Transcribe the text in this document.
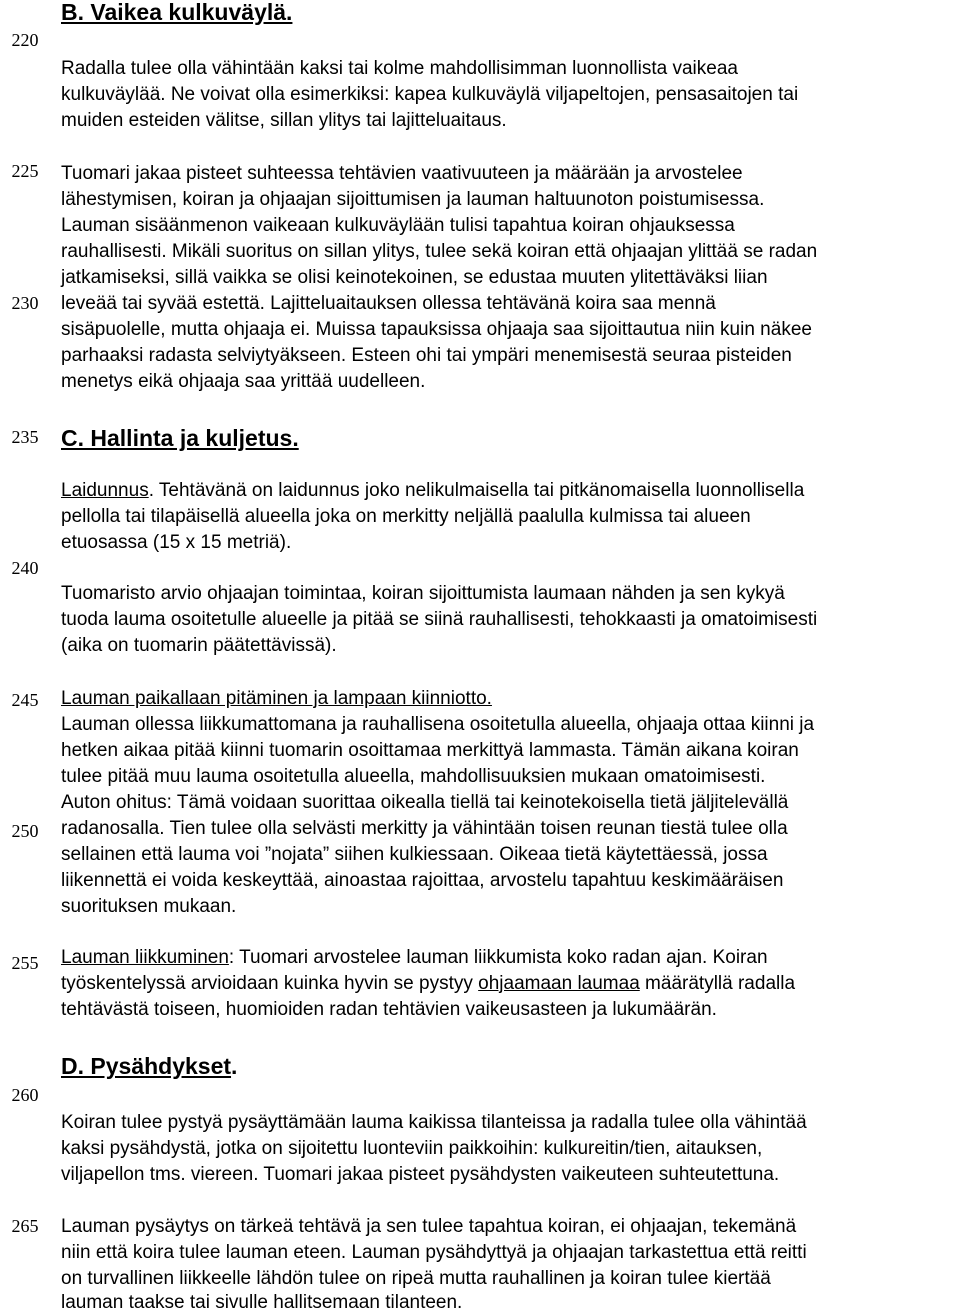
220
225
230
235
240
245
250
255
260
265
B. Vaikea kulkuväylä.
Radalla tulee olla vähintään kaksi tai kolme mahdollisimman luonnollista vaikeaa
kulkuväylää. Ne voivat olla esimerkiksi: kapea kulkuväylä viljapeltojen, pensasaitojen tai
muiden esteiden välitse, sillan ylitys tai lajitteluaitaus.
Tuomari jakaa pisteet suhteessa tehtävien vaativuuteen ja määrään ja arvostelee
lähestymisen, koiran ja ohjaajan sijoittumisen ja lauman haltuunoton poistumisessa.
Lauman sisäänmenon vaikeaan kulkuväylään tulisi tapahtua koiran ohjauksessa
rauhallisesti. Mikäli suoritus on sillan ylitys, tulee sekä koiran että ohjaajan ylittää se radan
jatkamiseksi, sillä vaikka se olisi keinotekoinen, se edustaa muuten ylitettäväksi liian
leveää tai syvää estettä. Lajitteluaitauksen ollessa tehtävänä koira saa mennä
sisäpuolelle, mutta ohjaaja ei. Muissa tapauksissa ohjaaja saa sijoittautua niin kuin näkee
parhaaksi radasta selviytyäkseen. Esteen ohi tai ympäri menemisestä seuraa pisteiden
menetys eikä ohjaaja saa yrittää uudelleen.
C. Hallinta ja kuljetus.
Laidunnus. Tehtävänä on laidunnus joko nelikulmaisella tai pitkänomaisella luonnollisella
pellolla tai tilapäisellä alueella joka on merkitty neljällä paalulla kulmissa tai alueen
etuosassa (15 x 15 metriä).
Tuomaristo arvio ohjaajan toimintaa, koiran sijoittumista laumaan nähden ja sen kykyä
tuoda lauma osoitetulle alueelle ja pitää se siinä rauhallisesti, tehokkaasti ja omatoimisesti
(aika on tuomarin päätettävissä).
Lauman paikallaan pitäminen ja lampaan kiinniotto.
Lauman ollessa liikkumattomana ja rauhallisena osoitetulla alueella, ohjaaja ottaa kiinni ja
hetken aikaa pitää kiinni tuomarin osoittamaa merkittyä lammasta. Tämän aikana koiran
tulee pitää muu lauma osoitetulla alueella, mahdollisuuksien mukaan omatoimisesti.
Auton ohitus: Tämä voidaan suorittaa oikealla tiellä tai keinotekoisella tietä jäljitelevällä
radanosalla. Tien tulee olla selvästi merkitty ja vähintään toisen reunan tiestä tulee olla
sellainen että lauma voi ”nojata” siihen kulkiessaan. Oikeaa tietä käytettäessä, jossa
liikennettä ei voida keskeyttää, ainoastaa rajoittaa, arvostelu tapahtuu keskimääräisen
suorituksen mukaan.
Lauman liikkuminen: Tuomari arvostelee lauman liikkumista koko radan ajan. Koiran
työskentelyssä arvioidaan kuinka hyvin se pystyy ohjaamaan laumaa määrätyllä radalla
tehtävästä toiseen, huomioiden radan tehtävien vaikeusasteen ja lukumäärän.
D. Pysähdykset.
Koiran tulee pystyä pysäyttämään lauma kaikissa tilanteissa ja radalla tulee olla vähintää
kaksi pysähdystä, jotka on sijoitettu luonteviin paikkoihin: kulkureitin/tien, aitauksen,
viljapellon tms. viereen. Tuomari jakaa pisteet pysähdysten vaikeuteen suhteutettuna.
Lauman pysäytys on tärkeä tehtävä ja sen tulee tapahtua koiran, ei ohjaajan, tekemänä
niin että koira tulee lauman eteen. Lauman pysähdyttyä ja ohjaajan tarkastettua että reitti
on turvallinen liikkeelle lähdön tulee on ripeä mutta rauhallinen ja koiran tulee kiertää
lauman taakse tai sivulle hallitsemaan tilanteen.
